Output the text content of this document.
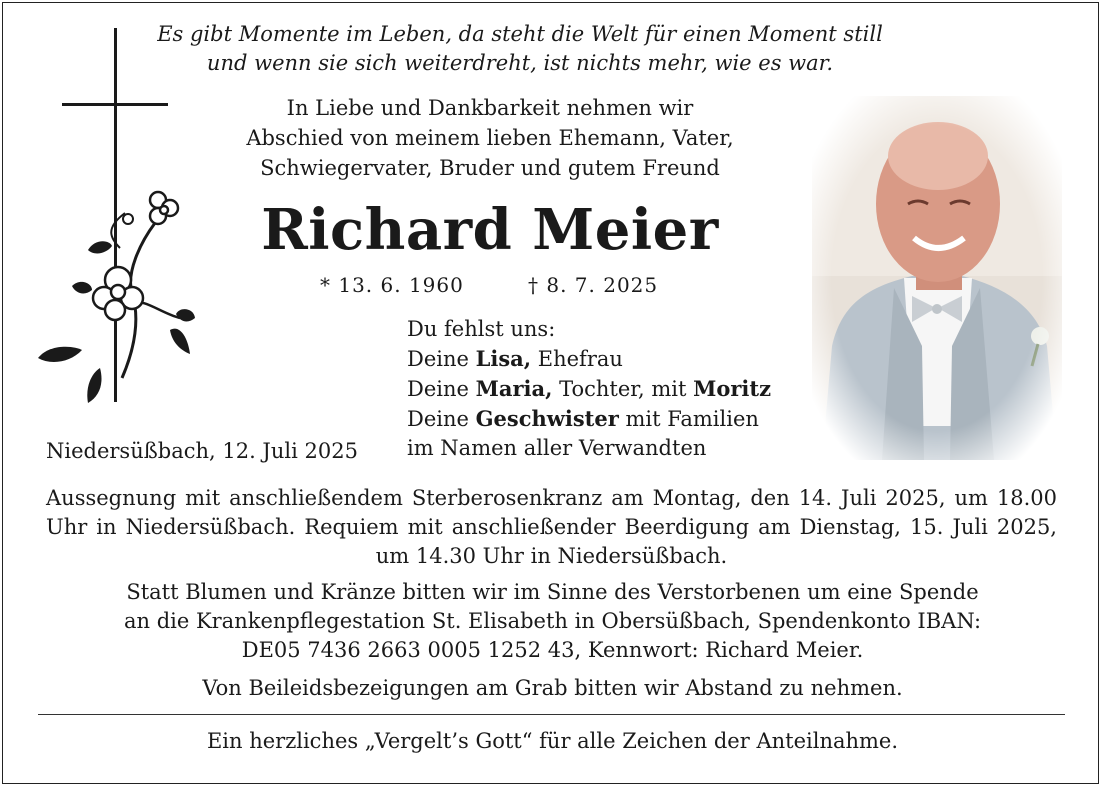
Es gibt Momente im Leben, da steht die Welt für einen Moment still
und wenn sie sich weiterdreht, ist nichts mehr, wie es war.
In Liebe und Dankbarkeit nehmen wir
Abschied von meinem lieben Ehemann, Vater,
Schwiegervater, Bruder und gutem Freund
Richard Meier
* 13. 6. 1960	† 8. 7. 2025
Du fehlst uns:
Deine Lisa, Ehefrau
Deine Maria, Tochter, mit Moritz
Deine Geschwister mit Familien
im Namen aller Verwandten
Niedersüßbach, 12. Juli 2025
Aussegnung mit anschließendem Sterberosenkranz am Montag, den 14. Juli 2025, um 18.00 Uhr in Niedersüßbach. Requiem mit anschließender Beerdigung am Dienstag, 15. Juli 2025, um 14.30 Uhr in Niedersüßbach.
Statt Blumen und Kränze bitten wir im Sinne des Verstorbenen um eine Spende
an die Krankenpflegestation St. Elisabeth in Obersüßbach, Spendenkonto IBAN:
DE05 7436 2663 0005 1252 43, Kennwort: Richard Meier.
Von Beileidsbezeigungen am Grab bitten wir Abstand zu nehmen.
Ein herzliches „Vergelt’s Gott“ für alle Zeichen der Anteilnahme.
